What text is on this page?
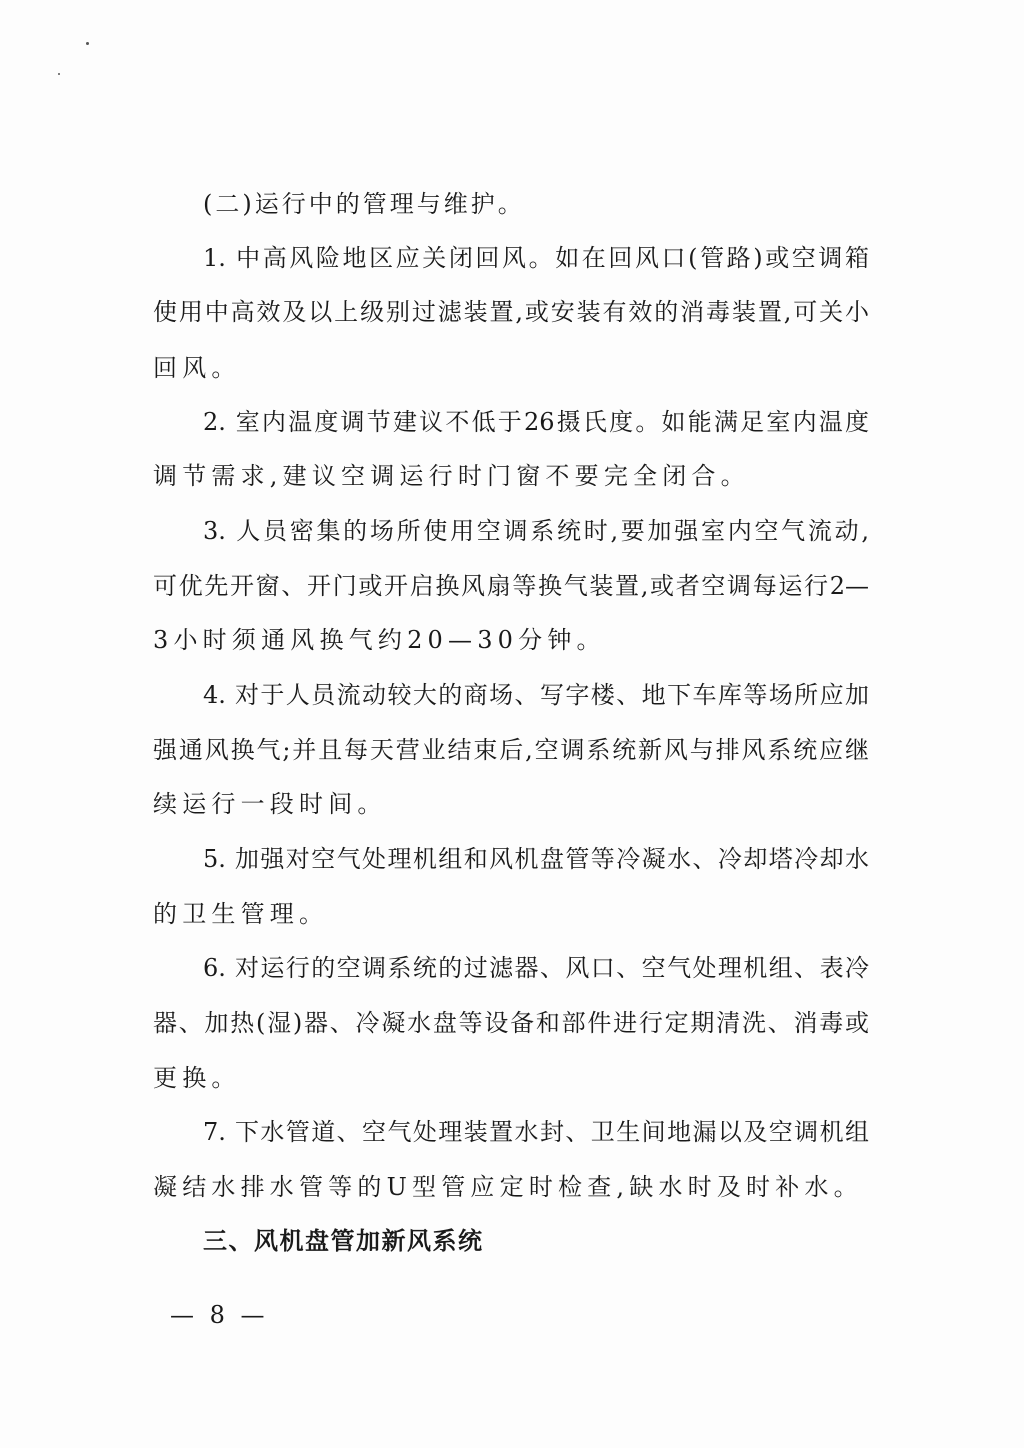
(二)运行中的管理与维护。
1. 中高风险地区应关闭回风。如在回风口(管路)或空调箱
使用中高效及以上级别过滤装置,或安装有效的消毒装置,可关小
回风。
2. 室内温度调节建议不低于26摄氏度。如能满足室内温度
调节需求,建议空调运行时门窗不要完全闭合。
3. 人员密集的场所使用空调系统时,要加强室内空气流动,
可优先开窗、开门或开启换风扇等换气装置,或者空调每运行2—
3小时须通风换气约20—30分钟。
4. 对于人员流动较大的商场、写字楼、地下车库等场所应加
强通风换气;并且每天营业结束后,空调系统新风与排风系统应继
续运行一段时间。
5. 加强对空气处理机组和风机盘管等冷凝水、冷却塔冷却水
的卫生管理。
6. 对运行的空调系统的过滤器、风口、空气处理机组、表冷
器、加热(湿)器、冷凝水盘等设备和部件进行定期清洗、消毒或
更换。
7. 下水管道、空气处理装置水封、卫生间地漏以及空调机组
凝结水排水管等的U型管应定时检查,缺水时及时补水。
三、风机盘管加新风系统
— 8 —
